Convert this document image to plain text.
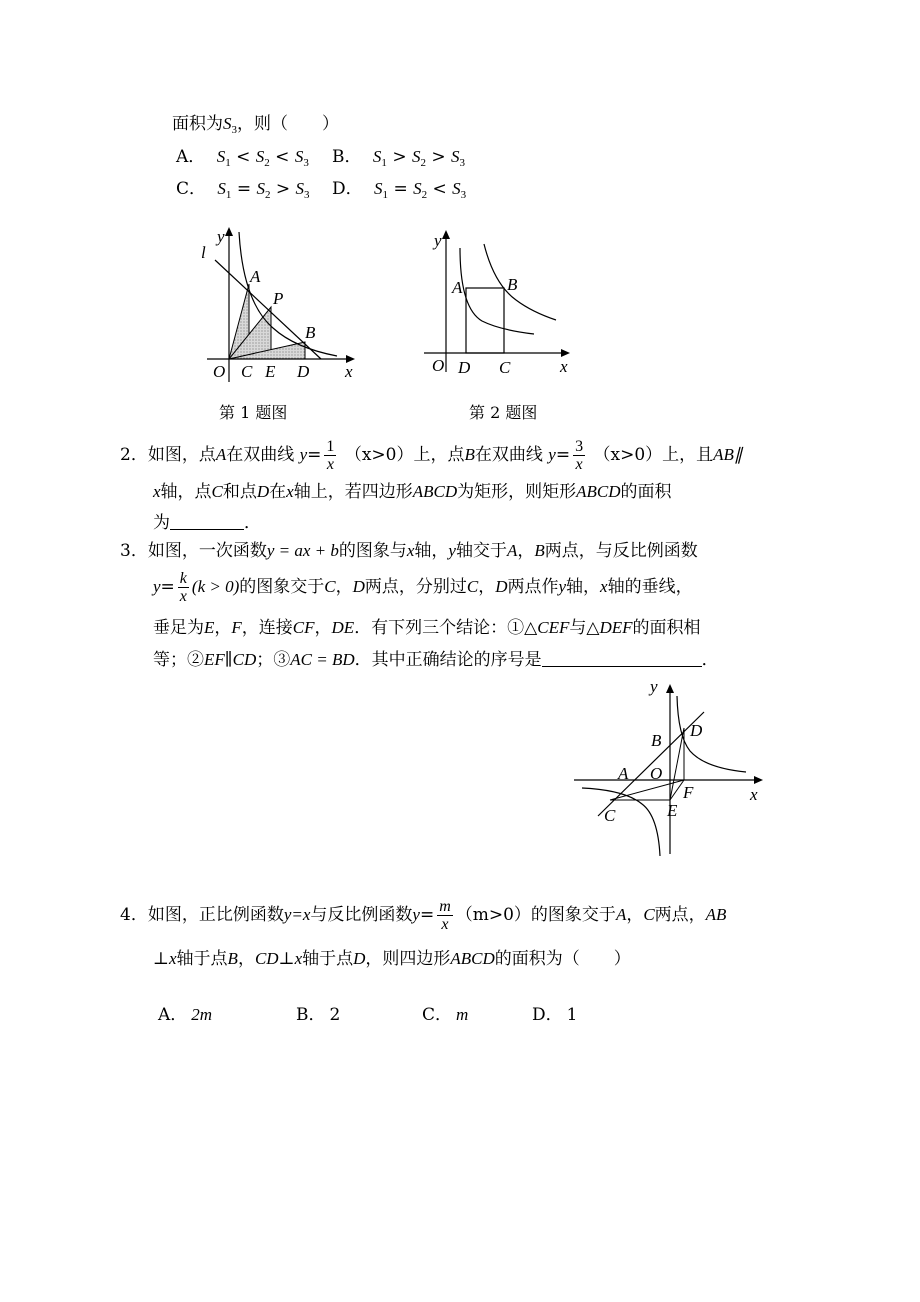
面积为$S_3$，则（　　）
A． $S_1 < S_2 < S_3$ B． $S_1 > S_2 > S_3$
C． $S_1 = S_2 > S_3$ D． $S_1 = S_2 < S_3$
l
y
A
P
B
O C E D x
第 1 题图
y
A	B
O D C	x
第 2 题图
2．如图，点A在双曲线 $y= \frac{1}{x} (x>0)$上，点B在双曲线 $y= \frac{3}{x} (x>0)$上，且AB∥
x轴，点C和点D在x轴上，若四边形ABCD为矩形，则矩形ABCD的面积
为	．
3．如图，一次函数y = ax + b的图象与x轴，y轴交于A，B两点，与反比例函数
$y= \frac{k}{x} (k > 0)$的图象交于C，D两点，分别过C，D两点作y轴，x轴的垂线，
垂足为E，F，连接CF，DE．有下列三个结论：①△CEF与△DEF的面积相
等；②EF∥CD；③AC = BD．其中正确结论的序号是	．
y
D
B
A O
F	x
E
C
4．如图，正比例函数y=x与反比例函数$y= \frac{m}{x} (m>0)$的图象交于A，C两点，AB
⊥x轴于点B，CD⊥x轴于点D，则四边形ABCD的面积为（　　）
A． 2m	B． 2	C． m	D． 1
